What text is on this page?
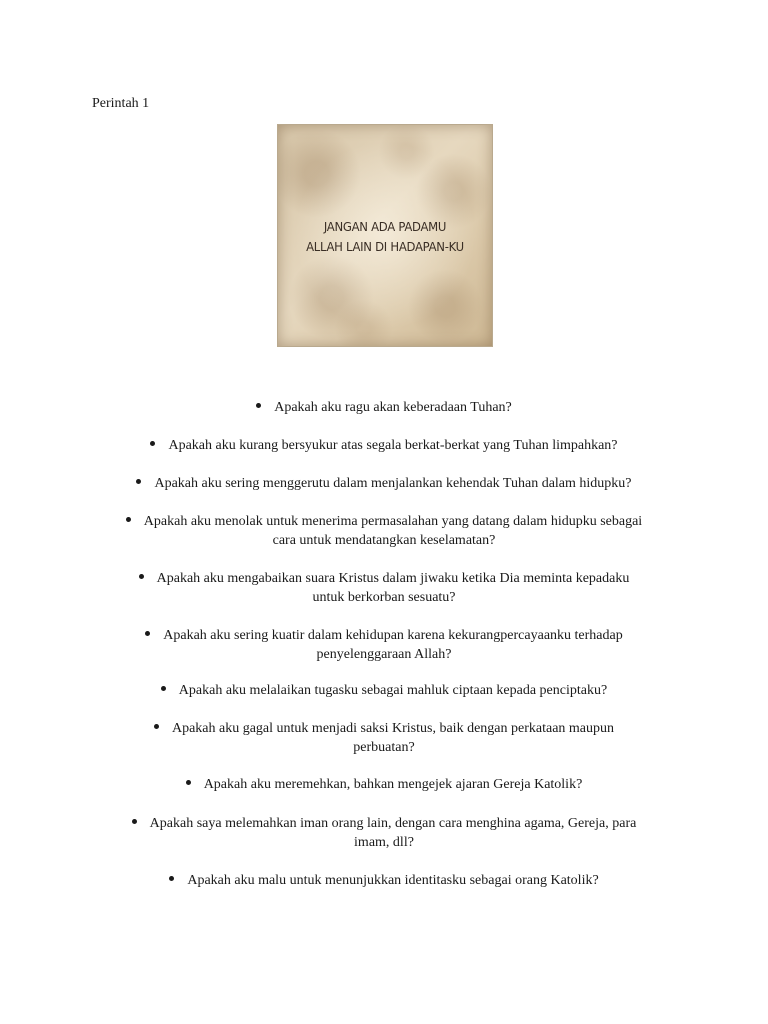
Perintah 1
JANGAN ADA PADAMU
ALLAH LAIN DI HADAPAN-KU
Apakah aku ragu akan keberadaan Tuhan?
Apakah aku kurang bersyukur atas segala berkat-berkat yang Tuhan limpahkan?
Apakah aku sering menggerutu dalam menjalankan kehendak Tuhan dalam hidupku?
Apakah aku menolak untuk menerima permasalahan yang datang dalam hidupku sebagai
cara untuk mendatangkan keselamatan?
Apakah aku mengabaikan suara Kristus dalam jiwaku ketika Dia meminta kepadaku
untuk berkorban sesuatu?
Apakah aku sering kuatir dalam kehidupan karena kekurangpercayaanku terhadap
penyelenggaraan Allah?
Apakah aku melalaikan tugasku sebagai mahluk ciptaan kepada penciptaku?
Apakah aku gagal untuk menjadi saksi Kristus, baik dengan perkataan maupun
perbuatan?
Apakah aku meremehkan, bahkan mengejek ajaran Gereja Katolik?
Apakah saya melemahkan iman orang lain, dengan cara menghina agama, Gereja, para
imam, dll?
Apakah aku malu untuk menunjukkan identitasku sebagai orang Katolik?
